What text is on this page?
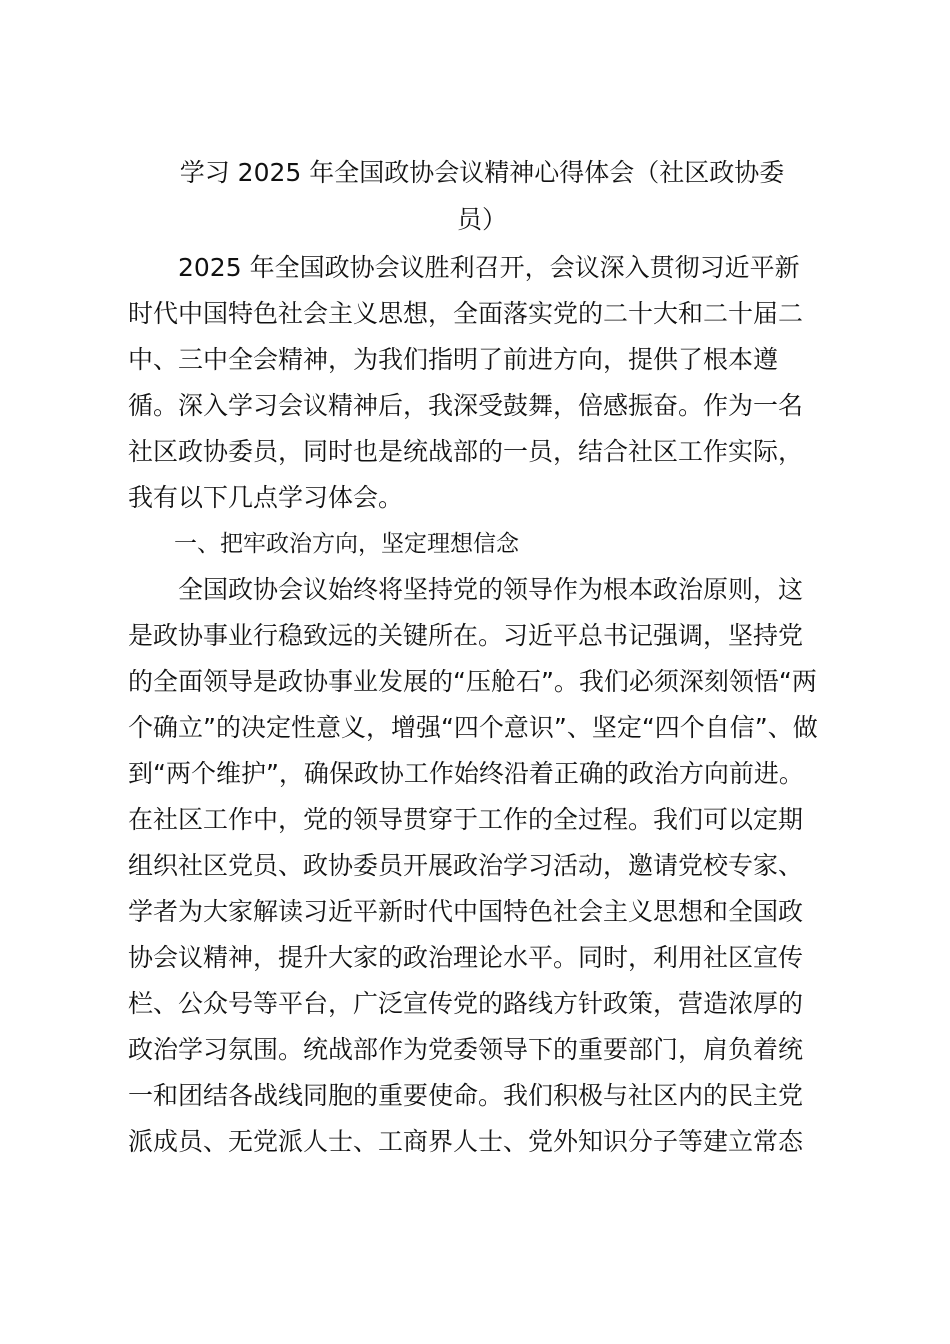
学习 2025 年全国政协会议精神心得体会（社区政协委
员）
　　2025 年全国政协会议胜利召开，会议深入贯彻习近平新
时代中国特色社会主义思想，全面落实党的二十大和二十届二
中、三中全会精神，为我们指明了前进方向，提供了根本遵
循。深入学习会议精神后，我深受鼓舞，倍感振奋。作为一名
社区政协委员，同时也是统战部的一员，结合社区工作实际，
我有以下几点学习体会。
　　一、把牢政治方向，坚定理想信念
　　全国政协会议始终将坚持党的领导作为根本政治原则，这
是政协事业行稳致远的关键所在。习近平总书记强调，坚持党
的全面领导是政协事业发展的“压舱石”。我们必须深刻领悟“两
个确立”的决定性意义，增强“四个意识”、坚定“四个自信”、做
到“两个维护”，确保政协工作始终沿着正确的政治方向前进。
在社区工作中，党的领导贯穿于工作的全过程。我们可以定期
组织社区党员、政协委员开展政治学习活动，邀请党校专家、
学者为大家解读习近平新时代中国特色社会主义思想和全国政
协会议精神，提升大家的政治理论水平。同时，利用社区宣传
栏、公众号等平台，广泛宣传党的路线方针政策，营造浓厚的
政治学习氛围。统战部作为党委领导下的重要部门，肩负着统
一和团结各战线同胞的重要使命。我们积极与社区内的民主党
派成员、无党派人士、工商界人士、党外知识分子等建立常态
